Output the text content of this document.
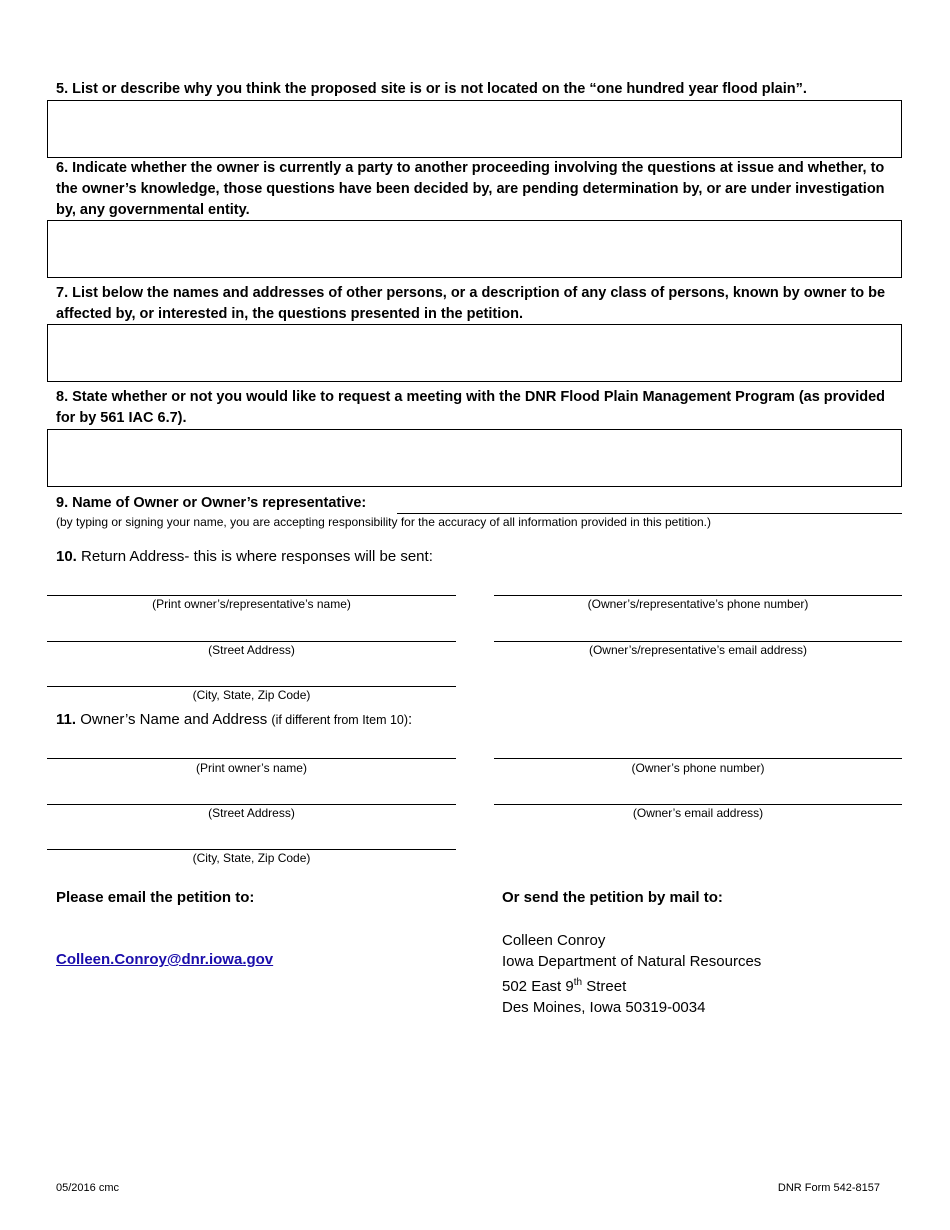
5. List or describe why you think the proposed site is or is not located on the “one hundred year flood plain”.
6. Indicate whether the owner is currently a party to another proceeding involving the questions at issue and whether, to the owner’s knowledge, those questions have been decided by, are pending determination by, or are under investigation by, any governmental entity.
7. List below the names and addresses of other persons, or a description of any class of persons, known by owner to be affected by, or interested in, the questions presented in the petition.
8. State whether or not you would like to request a meeting with the DNR Flood Plain Management Program (as provided for by 561 IAC 6.7).
9. Name of Owner or Owner’s representative:
(by typing or signing your name, you are accepting responsibility for the accuracy of all information provided in this petition.)
10. Return Address- this is where responses will be sent:
(Print owner’s/representative’s name)	(Owner’s/representative’s phone number)
(Street Address)	(Owner’s/representative’s email address)
(City, State, Zip Code)
11. Owner’s Name and Address (if different from Item 10):
(Print owner’s name)	(Owner’s phone number)
(Street Address)	(Owner’s email address)
(City, State, Zip Code)
Please email the petition to:
Colleen.Conroy@dnr.iowa.gov
Or send the petition by mail to:
Colleen Conroy
Iowa Department of Natural Resources
502 East 9th Street
Des Moines, Iowa 50319-0034
05/2016 cmc	DNR Form 542-8157
